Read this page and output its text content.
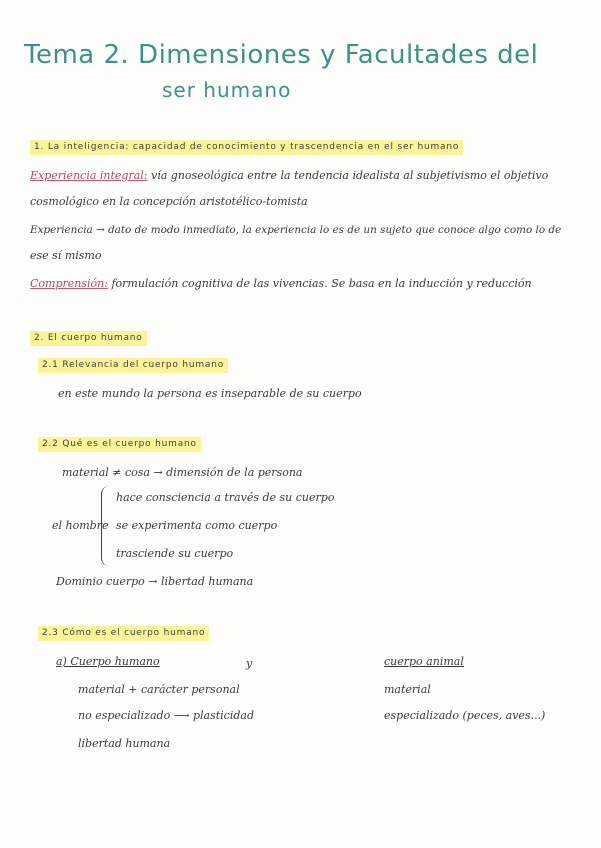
Tema 2. Dimensiones y Facultades del
ser humano
1. La inteligencia: capacidad de conocimiento y trascendencia en el ser humano
Experiencia integral: vía gnoseológica entre la tendencia idealista al subjetivismo el objetivo
cosmológico en la concepción aristotélico-tomista
Experiencia → dato de modo inmediato, la experiencia lo es de un sujeto que conoce algo como lo de
ese sí mismo
Comprensión: formulación cognitiva de las vivencias. Se basa en la inducción y reducción
2. El cuerpo humano
2.1 Relevancia del cuerpo humano
en este mundo la persona es inseparable de su cuerpo
2.2 Qué es el cuerpo humano
material ≠ cosa → dimensión de la persona
el hombre
hace consciencia a través de su cuerpo
se experimenta como cuerpo
trasciende su cuerpo
Dominio cuerpo → libertad humana
2.3 Cómo es el cuerpo humano
a) Cuerpo humano	y	cuerpo animal
material + carácter personal
no especializado ⟶ plasticidad
libertad humana
material
especializado (peces, aves...)
